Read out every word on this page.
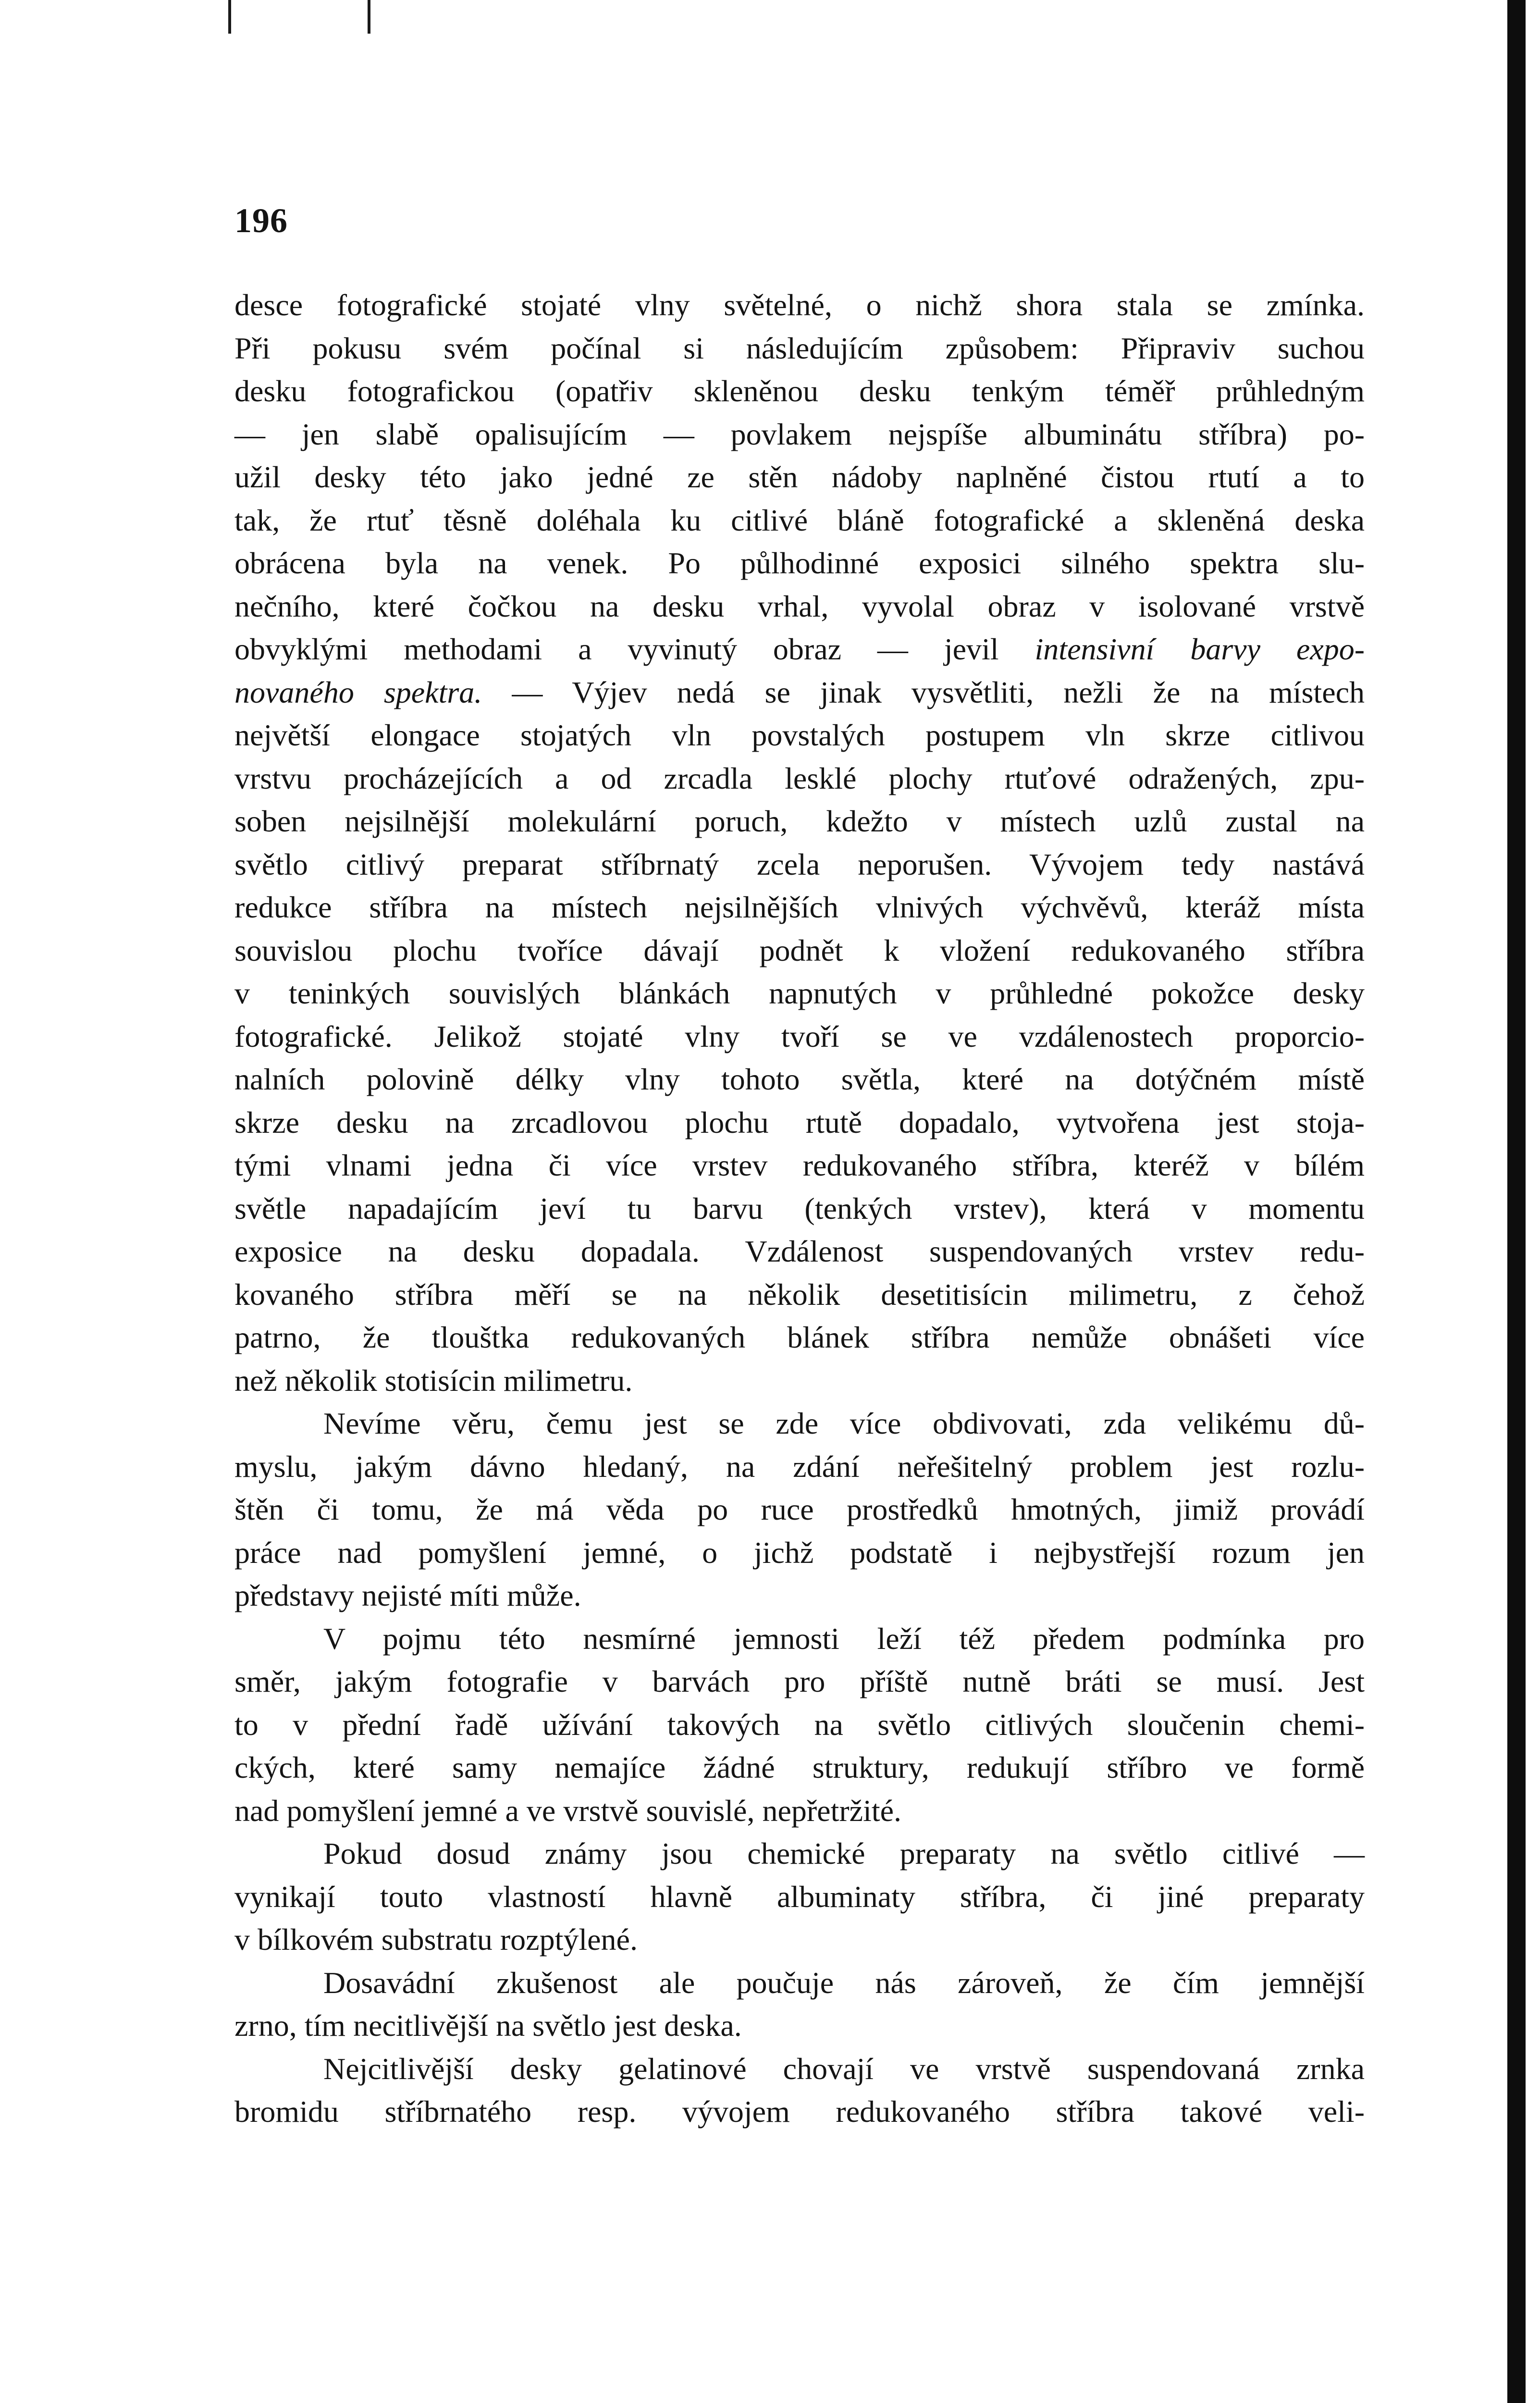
196
desce fotografické stojaté vlny světelné, o nichž shora stala se zmínka.
Při pokusu svém počínal si následujícím způsobem: Připraviv suchou
desku fotografickou (opatřiv skleněnou desku tenkým téměř průhledným
— jen slabě opalisujícím — povlakem nejspíše albuminátu stříbra) po-
užil desky této jako jedné ze stěn nádoby naplněné čistou rtutí a to
tak, že rtuť těsně doléhala ku citlivé bláně fotografické a skleněná deska
obrácena byla na venek. Po půlhodinné exposici silného spektra slu-
nečního, které čočkou na desku vrhal, vyvolal obraz v isolované vrstvě
obvyklými methodami a vyvinutý obraz — jevil intensivní barvy expo-
novaného spektra. — Výjev nedá se jinak vysvětliti, nežli že na místech
největší elongace stojatých vln povstalých postupem vln skrze citlivou
vrstvu procházejících a od zrcadla lesklé plochy rtuťové odražených, zpu-
soben nejsilnější molekulární poruch, kdežto v místech uzlů zustal na
světlo citlivý preparat stříbrnatý zcela neporušen. Vývojem tedy nastává
redukce stříbra na místech nejsilnějších vlnivých výchvěvů, kteráž místa
souvislou plochu tvoříce dávají podnět k vložení redukovaného stříbra
v teninkých souvislých blánkách napnutých v průhledné pokožce desky
fotografické. Jelikož stojaté vlny tvoří se ve vzdálenostech proporcio-
nalních polovině délky vlny tohoto světla, které na dotýčném místě
skrze desku na zrcadlovou plochu rtutě dopadalo, vytvořena jest stoja-
tými vlnami jedna či více vrstev redukovaného stříbra, kteréž v bílém
světle napadajícím jeví tu barvu (tenkých vrstev), která v momentu
exposice na desku dopadala. Vzdálenost suspendovaných vrstev redu-
kovaného stříbra měří se na několik desetitisícin milimetru, z čehož
patrno, že tlouštka redukovaných blánek stříbra nemůže obnášeti více
než několik stotisícin milimetru.
Nevíme věru, čemu jest se zde více obdivovati, zda velikému dů-
myslu, jakým dávno hledaný, na zdání neřešitelný problem jest rozlu-
štěn či tomu, že má věda po ruce prostředků hmotných, jimiž provádí
práce nad pomyšlení jemné, o jichž podstatě i nejbystřejší rozum jen
představy nejisté míti může.
V pojmu této nesmírné jemnosti leží též předem podmínka pro
směr, jakým fotografie v barvách pro příště nutně bráti se musí. Jest
to v přední řadě užívání takových na světlo citlivých sloučenin chemi-
ckých, které samy nemajíce žádné struktury, redukují stříbro ve formě
nad pomyšlení jemné a ve vrstvě souvislé, nepřetržité.
Pokud dosud známy jsou chemické preparaty na světlo citlivé —
vynikají touto vlastností hlavně albuminaty stříbra, či jiné preparaty
v bílkovém substratu rozptýlené.
Dosavádní zkušenost ale poučuje nás zároveň, že čím jemnější
zrno, tím necitlivější na světlo jest deska.
Nejcitlivější desky gelatinové chovají ve vrstvě suspendovaná zrnka
bromidu stříbrnatého resp. vývojem redukovaného stříbra takové veli-
